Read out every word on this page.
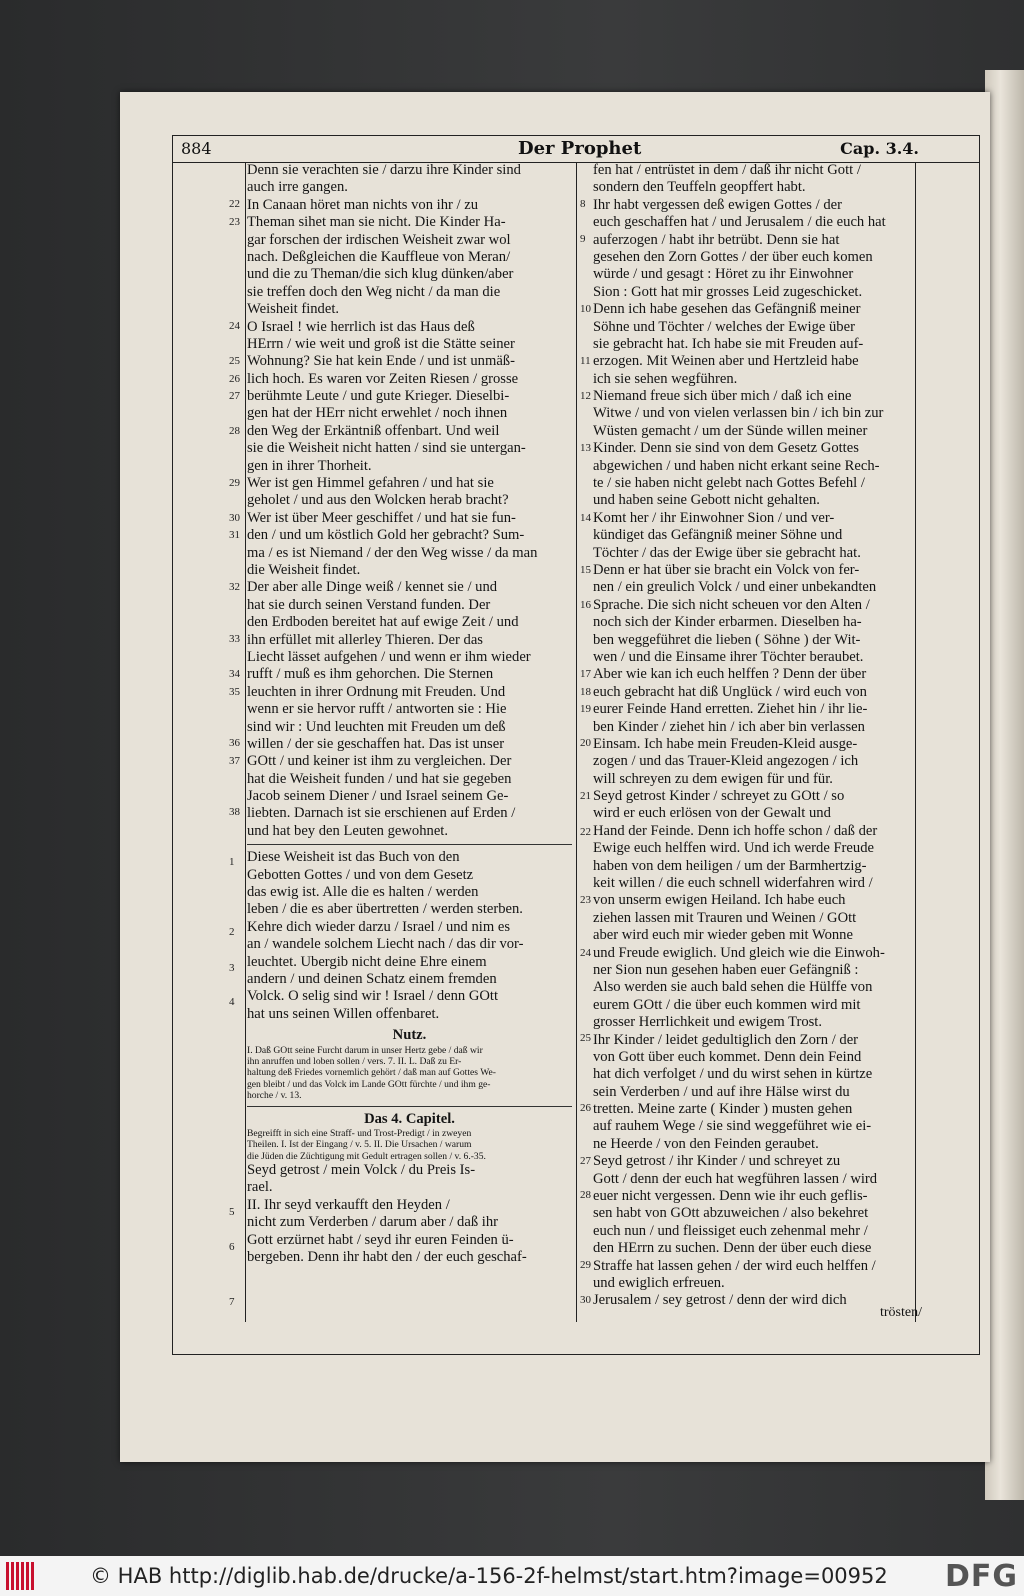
884	Der Prophet	Cap. 3.4.
Denn sie verachten sie / darzu ihre Kinder sind
auch irre gangen.
In Canaan höret man nichts von ihr / zu
Theman sihet man sie nicht. Die Kinder Ha-
gar forschen der irdischen Weisheit zwar wol
nach. Deßgleichen die Kauffleue von Meran/
und die zu Theman/die sich klug dünken/aber
sie treffen doch den Weg nicht / da man die
Weisheit findet.
O Israel ! wie herrlich ist das Haus deß
HErrn / wie weit und groß ist die Stätte seiner
Wohnung? Sie hat kein Ende / und ist unmäß-
lich hoch. Es waren vor Zeiten Riesen / grosse
berühmte Leute / und gute Krieger. Dieselbi-
gen hat der HErr nicht erwehlet / noch ihnen
den Weg der Erkäntniß offenbart. Und weil
sie die Weisheit nicht hatten / sind sie untergan-
gen in ihrer Thorheit.
Wer ist gen Himmel gefahren / und hat sie
geholet / und aus den Wolcken herab bracht?
Wer ist über Meer geschiffet / und hat sie fun-
den / und um köstlich Gold her gebracht? Sum-
ma / es ist Niemand / der den Weg wisse / da man
die Weisheit findet.
Der aber alle Dinge weiß / kennet sie / und
hat sie durch seinen Verstand funden. Der
den Erdboden bereitet hat auf ewige Zeit / und
ihn erfüllet mit allerley Thieren. Der das
Liecht lässet aufgehen / und wenn er ihm wieder
rufft / muß es ihm gehorchen. Die Sternen
leuchten in ihrer Ordnung mit Freuden. Und
wenn er sie hervor rufft / antworten sie : Hie
sind wir : Und leuchten mit Freuden um deß
willen / der sie geschaffen hat. Das ist unser
GOtt / und keiner ist ihm zu vergleichen. Der
hat die Weisheit funden / und hat sie gegeben
Jacob seinem Diener / und Israel seinem Ge-
liebten. Darnach ist sie erschienen auf Erden /
und hat bey den Leuten gewohnet.
Diese Weisheit ist das Buch von den
Gebotten Gottes / und von dem Gesetz
das ewig ist. Alle die es halten / werden
leben / die es aber übertretten / werden sterben.
Kehre dich wieder darzu / Israel / und nim es
an / wandele solchem Liecht nach / das dir vor-
leuchtet. Ubergib nicht deine Ehre einem
andern / und deinen Schatz einem fremden
Volck. O selig sind wir ! Israel / denn GOtt
hat uns seinen Willen offenbaret.
Nutz.
I. Daß GOtt seine Furcht darum in unser Hertz gebe / daß wir
ihn anruffen und loben sollen / vers. 7. II. L. Daß zu Er-
haltung deß Friedes vornemlich gehört / daß man auf Gottes We-
gen bleibt / und das Volck im Lande GOtt fürchte / und ihm ge-
horche / v. 13.
Das 4. Capitel.
Begreifft in sich eine Straff- und Trost-Predigt / in zweyen
Theilen. I. Ist der Eingang / v. 5. II. Die Ursachen / warum
die Jüden die Züchtigung mit Gedult ertragen sollen / v. 6.-35.
Seyd getrost / mein Volck / du Preis Is-
rael.
II. Ihr seyd verkaufft den Heyden /
nicht zum Verderben / darum aber / daß ihr
Gott erzürnet habt / seyd ihr euren Feinden ü-
bergeben. Denn ihr habt den / der euch geschaf-
fen hat / entrüstet in dem / daß ihr nicht Gott /
sondern den Teuffeln geopffert habt.
Ihr habt vergessen deß ewigen Gottes / der
euch geschaffen hat / und Jerusalem / die euch hat
auferzogen / habt ihr betrübt. Denn sie hat
gesehen den Zorn Gottes / der über euch komen
würde / und gesagt : Höret zu ihr Einwohner
Sion : Gott hat mir grosses Leid zugeschicket.
Denn ich habe gesehen das Gefängniß meiner
Söhne und Töchter / welches der Ewige über
sie gebracht hat. Ich habe sie mit Freuden auf-
erzogen. Mit Weinen aber und Hertzleid habe
ich sie sehen wegführen.
Niemand freue sich über mich / daß ich eine
Witwe / und von vielen verlassen bin / ich bin zur
Wüsten gemacht / um der Sünde willen meiner
Kinder. Denn sie sind von dem Gesetz Gottes
abgewichen / und haben nicht erkant seine Rech-
te / sie haben nicht gelebt nach Gottes Befehl /
und haben seine Gebott nicht gehalten.
Komt her / ihr Einwohner Sion / und ver-
kündiget das Gefängniß meiner Söhne und
Töchter / das der Ewige über sie gebracht hat.
Denn er hat über sie bracht ein Volck von fer-
nen / ein greulich Volck / und einer unbekandten
Sprache. Die sich nicht scheuen vor den Alten /
noch sich der Kinder erbarmen. Dieselben ha-
ben weggeführet die lieben ( Söhne ) der Wit-
wen / und die Einsame ihrer Töchter beraubet.
Aber wie kan ich euch helffen ? Denn der über
euch gebracht hat diß Unglück / wird euch von
eurer Feinde Hand erretten. Ziehet hin / ihr lie-
ben Kinder / ziehet hin / ich aber bin verlassen
Einsam. Ich habe mein Freuden-Kleid ausge-
zogen / und das Trauer-Kleid angezogen / ich
will schreyen zu dem ewigen für und für.
Seyd getrost Kinder / schreyet zu GOtt / so
wird er euch erlösen von der Gewalt und
Hand der Feinde. Denn ich hoffe schon / daß der
Ewige euch helffen wird. Und ich werde Freude
haben von dem heiligen / um der Barmhertzig-
keit willen / die euch schnell widerfahren wird /
von unserm ewigen Heiland. Ich habe euch
ziehen lassen mit Trauren und Weinen / GOtt
aber wird euch mir wieder geben mit Wonne
und Freude ewiglich. Und gleich wie die Einwoh-
ner Sion nun gesehen haben euer Gefängniß :
Also werden sie auch bald sehen die Hülffe von
eurem GOtt / die über euch kommen wird mit
grosser Herrlichkeit und ewigem Trost.
Ihr Kinder / leidet gedultiglich den Zorn / der
von Gott über euch kommet. Denn dein Feind
hat dich verfolget / und du wirst sehen in kürtze
sein Verderben / und auf ihre Hälse wirst du
tretten. Meine zarte ( Kinder ) musten gehen
auf rauhem Wege / sie sind weggeführet wie ei-
ne Heerde / von den Feinden geraubet.
Seyd getrost / ihr Kinder / und schreyet zu
Gott / denn der euch hat wegführen lassen / wird
euer nicht vergessen. Denn wie ihr euch geflis-
sen habt von GOtt abzuweichen / also bekehret
euch nun / und fleissiget euch zehenmal mehr /
den HErrn zu suchen. Denn der über euch diese
Straffe hat lassen gehen / der wird euch helffen /
und ewiglich erfreuen.
Jerusalem / sey getrost / denn der wird dich
22
23
24
25
26
27
28
29
30
31
32
33
34
35
36
37
38
1
2
3
4
5
6
7
8
9
10
11
12
13
14
15
16
17
18
19
20
21
22
23
24
25
26
27
28
29
30
trösten/
© HAB http://diglib.hab.de/drucke/a-156-2f-helmst/start.htm?image=00952 DFG
